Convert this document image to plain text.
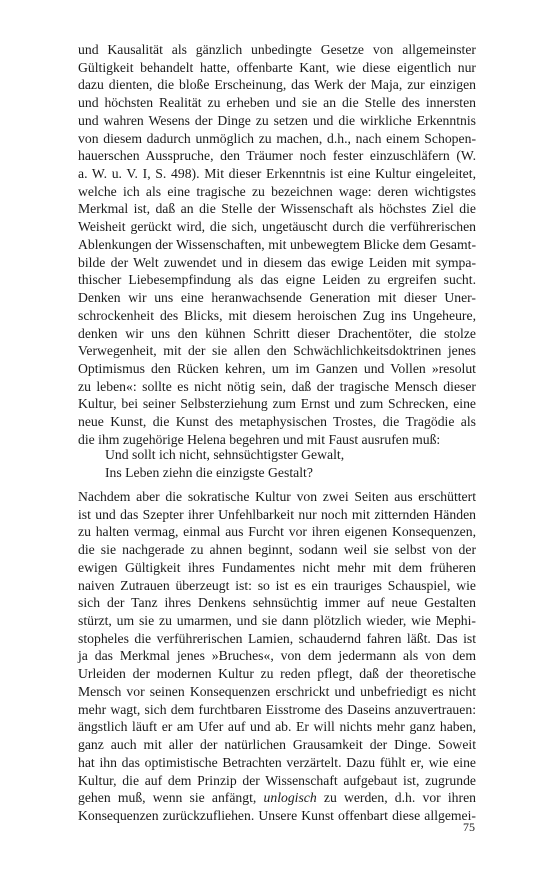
und Kausalität als gänzlich unbedingte Gesetze von allgemeinster
Gültigkeit behandelt hatte, offenbarte Kant, wie diese eigentlich nur
dazu dienten, die bloße Erscheinung, das Werk der Maja, zur einzigen
und höchsten Realität zu erheben und sie an die Stelle des innersten
und wahren Wesens der Dinge zu setzen und die wirkliche Erkenntnis
von diesem dadurch unmöglich zu machen, d.h., nach einem Schopen-
hauerschen Ausspruche, den Träumer noch fester einzuschläfern (W.
a. W. u. V. I, S. 498). Mit dieser Erkenntnis ist eine Kultur eingeleitet,
welche ich als eine tragische zu bezeichnen wage: deren wichtigstes
Merkmal ist, daß an die Stelle der Wissenschaft als höchstes Ziel die
Weisheit gerückt wird, die sich, ungetäuscht durch die verführerischen
Ablenkungen der Wissenschaften, mit unbewegtem Blicke dem Gesamt-
bilde der Welt zuwendet und in diesem das ewige Leiden mit sympa-
thischer Liebesempfindung als das eigne Leiden zu ergreifen sucht.
Denken wir uns eine heranwachsende Generation mit dieser Uner-
schrockenheit des Blicks, mit diesem heroischen Zug ins Ungeheure,
denken wir uns den kühnen Schritt dieser Drachentöter, die stolze
Verwegenheit, mit der sie allen den Schwächlichkeitsdoktrinen jenes
Optimismus den Rücken kehren, um im Ganzen und Vollen »resolut
zu leben«: sollte es nicht nötig sein, daß der tragische Mensch dieser
Kultur, bei seiner Selbsterziehung zum Ernst und zum Schrecken, eine
neue Kunst, die Kunst des metaphysischen Trostes, die Tragödie als
die ihm zugehörige Helena begehren und mit Faust ausrufen muß:
Und sollt ich nicht, sehnsüchtigster Gewalt,
Ins Leben ziehn die einzigste Gestalt?
Nachdem aber die sokratische Kultur von zwei Seiten aus erschüttert
ist und das Szepter ihrer Unfehlbarkeit nur noch mit zitternden Händen
zu halten vermag, einmal aus Furcht vor ihren eigenen Konsequenzen,
die sie nachgerade zu ahnen beginnt, sodann weil sie selbst von der
ewigen Gültigkeit ihres Fundamentes nicht mehr mit dem früheren
naiven Zutrauen überzeugt ist: so ist es ein trauriges Schauspiel, wie
sich der Tanz ihres Denkens sehnsüchtig immer auf neue Gestalten
stürzt, um sie zu umarmen, und sie dann plötzlich wieder, wie Mephi-
stopheles die verführerischen Lamien, schaudernd fahren läßt. Das ist
ja das Merkmal jenes »Bruches«, von dem jedermann als von dem
Urleiden der modernen Kultur zu reden pflegt, daß der theoretische
Mensch vor seinen Konsequenzen erschrickt und unbefriedigt es nicht
mehr wagt, sich dem furchtbaren Eisstrome des Daseins anzuvertrauen:
ängstlich läuft er am Ufer auf und ab. Er will nichts mehr ganz haben,
ganz auch mit aller der natürlichen Grausamkeit der Dinge. Soweit
hat ihn das optimistische Betrachten verzärtelt. Dazu fühlt er, wie eine
Kultur, die auf dem Prinzip der Wissenschaft aufgebaut ist, zugrunde
gehen muß, wenn sie anfängt, unlogisch zu werden, d.h. vor ihren
Konsequenzen zurückzufliehen. Unsere Kunst offenbart diese allgemei-
75
